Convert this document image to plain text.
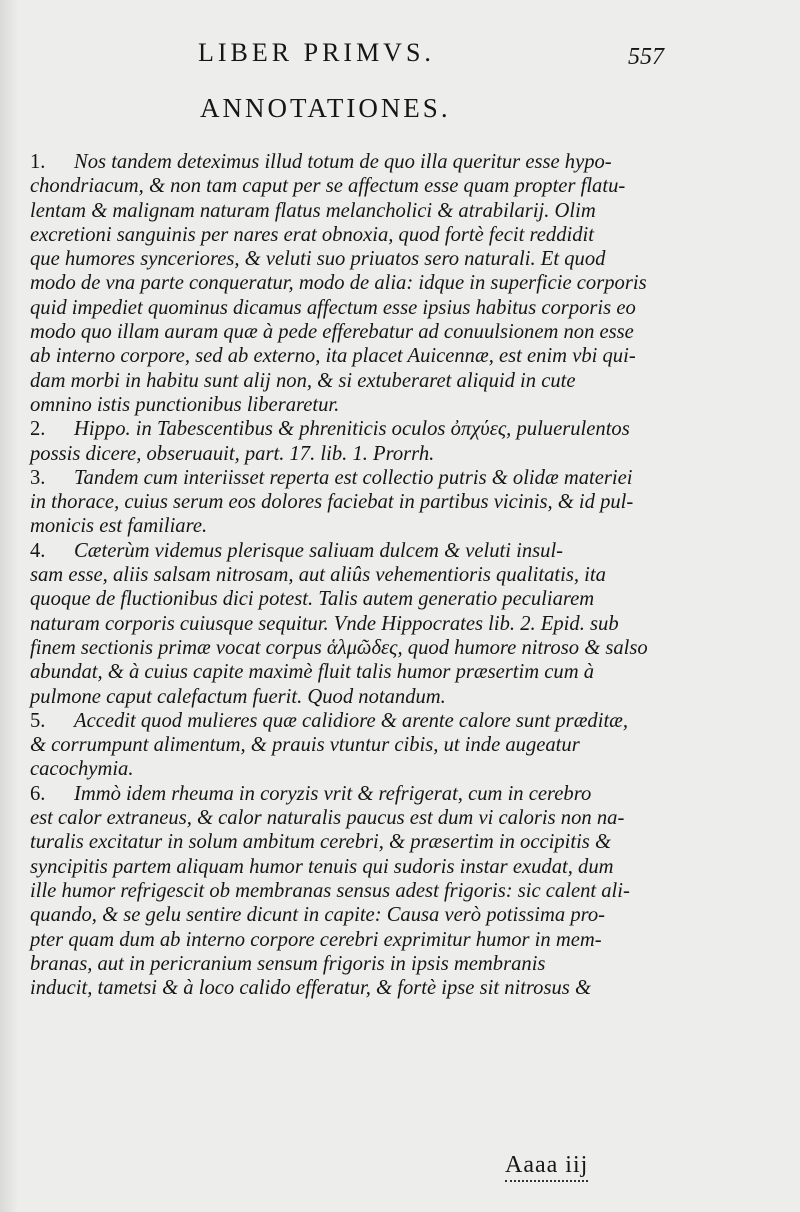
LIBER PRIMVS.	557
ANNOTATIONES.
1. Nos tandem deteximus illud totum de quo illa queritur esse hypo-
chondriacum, & non tam caput per se affectum esse quam propter flatu-
lentam & malignam naturam flatus melancholici & atrabilarij. Olim
excretioni sanguinis per nares erat obnoxia, quod fortè fecit reddidit
que humores synceriores, & veluti suo priuatos sero naturali. Et quod
modo de vna parte conqueratur, modo de alia: idque in superficie corporis
quid impediet quominus dicamus affectum esse ipsius habitus corporis eo
modo quo illam auram quæ à pede efferebatur ad conuulsionem non esse
ab interno corpore, sed ab externo, ita placet Auicennæ, est enim vbi qui-
dam morbi in habitu sunt alij non, & si extuberaret aliquid in cute
omnino istis punctionibus liberaretur.
2. Hippo. in Tabescentibus & phreniticis oculos ὀπχύες, puluerulentos
possis dicere, obseruauit, part. 17. lib. 1. Prorrh.
3. Tandem cum interiisset reperta est collectio putris & olidæ materiei
in thorace, cuius serum eos dolores faciebat in partibus vicinis, & id pul-
monicis est familiare.
4. Cæterùm videmus plerisque saliuam dulcem & veluti insul-
sam esse, aliis salsam nitrosam, aut aliûs vehementioris qualitatis, ita
quoque de fluctionibus dici potest. Talis autem generatio peculiarem
naturam corporis cuiusque sequitur. Vnde Hippocrates lib. 2. Epid. sub
finem sectionis primæ vocat corpus ἁλμῶδες, quod humore nitroso & salso
abundat, & à cuius capite maximè fluit talis humor præsertim cum à
pulmone caput calefactum fuerit. Quod notandum.
5. Accedit quod mulieres quæ calidiore & arente calore sunt præditæ,
& corrumpunt alimentum, & prauis vtuntur cibis, ut inde augeatur
cacochymia.
6. Immò idem rheuma in coryzis vrit & refrigerat, cum in cerebro
est calor extraneus, & calor naturalis paucus est dum vi caloris non na-
turalis excitatur in solum ambitum cerebri, & præsertim in occipitis &
syncipitis partem aliquam humor tenuis qui sudoris instar exudat, dum
ille humor refrigescit ob membranas sensus adest frigoris: sic calent ali-
quando, & se gelu sentire dicunt in capite: Causa verò potissima pro-
pter quam dum ab interno corpore cerebri exprimitur humor in mem-
branas, aut in pericranium sensum frigoris in ipsis membranis
inducit, tametsi & à loco calido efferatur, & fortè ipse sit nitrosus &
Aaaa iij
